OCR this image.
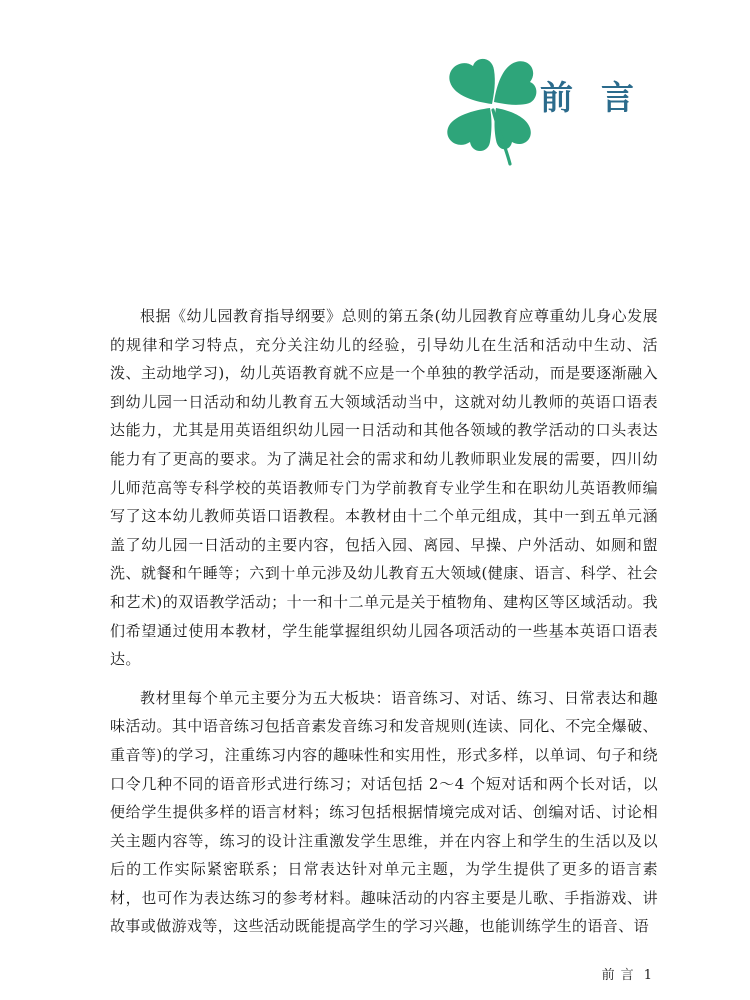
前言

根据《幼儿园教育指导纲要》总则的第五条(幼儿园教育应尊重幼儿身心发展的规律和学习特点，充分关注幼儿的经验，引导幼儿在生活和活动中生动、活泼、主动地学习)，幼儿英语教育就不应是一个单独的教学活动，而是要逐渐融入到幼儿园一日活动和幼儿教育五大领域活动当中，这就对幼儿教师的英语口语表达能力，尤其是用英语组织幼儿园一日活动和其他各领域的教学活动的口头表达能力有了更高的要求。为了满足社会的需求和幼儿教师职业发展的需要，四川幼儿师范高等专科学校的英语教师专门为学前教育专业学生和在职幼儿英语教师编写了这本幼儿教师英语口语教程。本教材由十二个单元组成，其中一到五单元涵盖了幼儿园一日活动的主要内容，包括入园、离园、早操、户外活动、如厕和盥洗、就餐和午睡等；六到十单元涉及幼儿教育五大领域(健康、语言、科学、社会和艺术)的双语教学活动；十一和十二单元是关于植物角、建构区等区域活动。我们希望通过使用本教材，学生能掌握组织幼儿园各项活动的一些基本英语口语表达。

教材里每个单元主要分为五大板块：语音练习、对话、练习、日常表达和趣味活动。其中语音练习包括音素发音练习和发音规则(连读、同化、不完全爆破、重音等)的学习，注重练习内容的趣味性和实用性，形式多样，以单词、句子和绕口令几种不同的语音形式进行练习；对话包括 2～4 个短对话和两个长对话，以便给学生提供多样的语言材料；练习包括根据情境完成对话、创编对话、讨论相关主题内容等，练习的设计注重激发学生思维，并在内容上和学生的生活以及以后的工作实际紧密联系；日常表达针对单元主题，为学生提供了更多的语言素材，也可作为表达练习的参考材料。趣味活动的内容主要是儿歌、手指游戏、讲故事或做游戏等，这些活动既能提高学生的学习兴趣，也能训练学生的语音、语

前言 1
